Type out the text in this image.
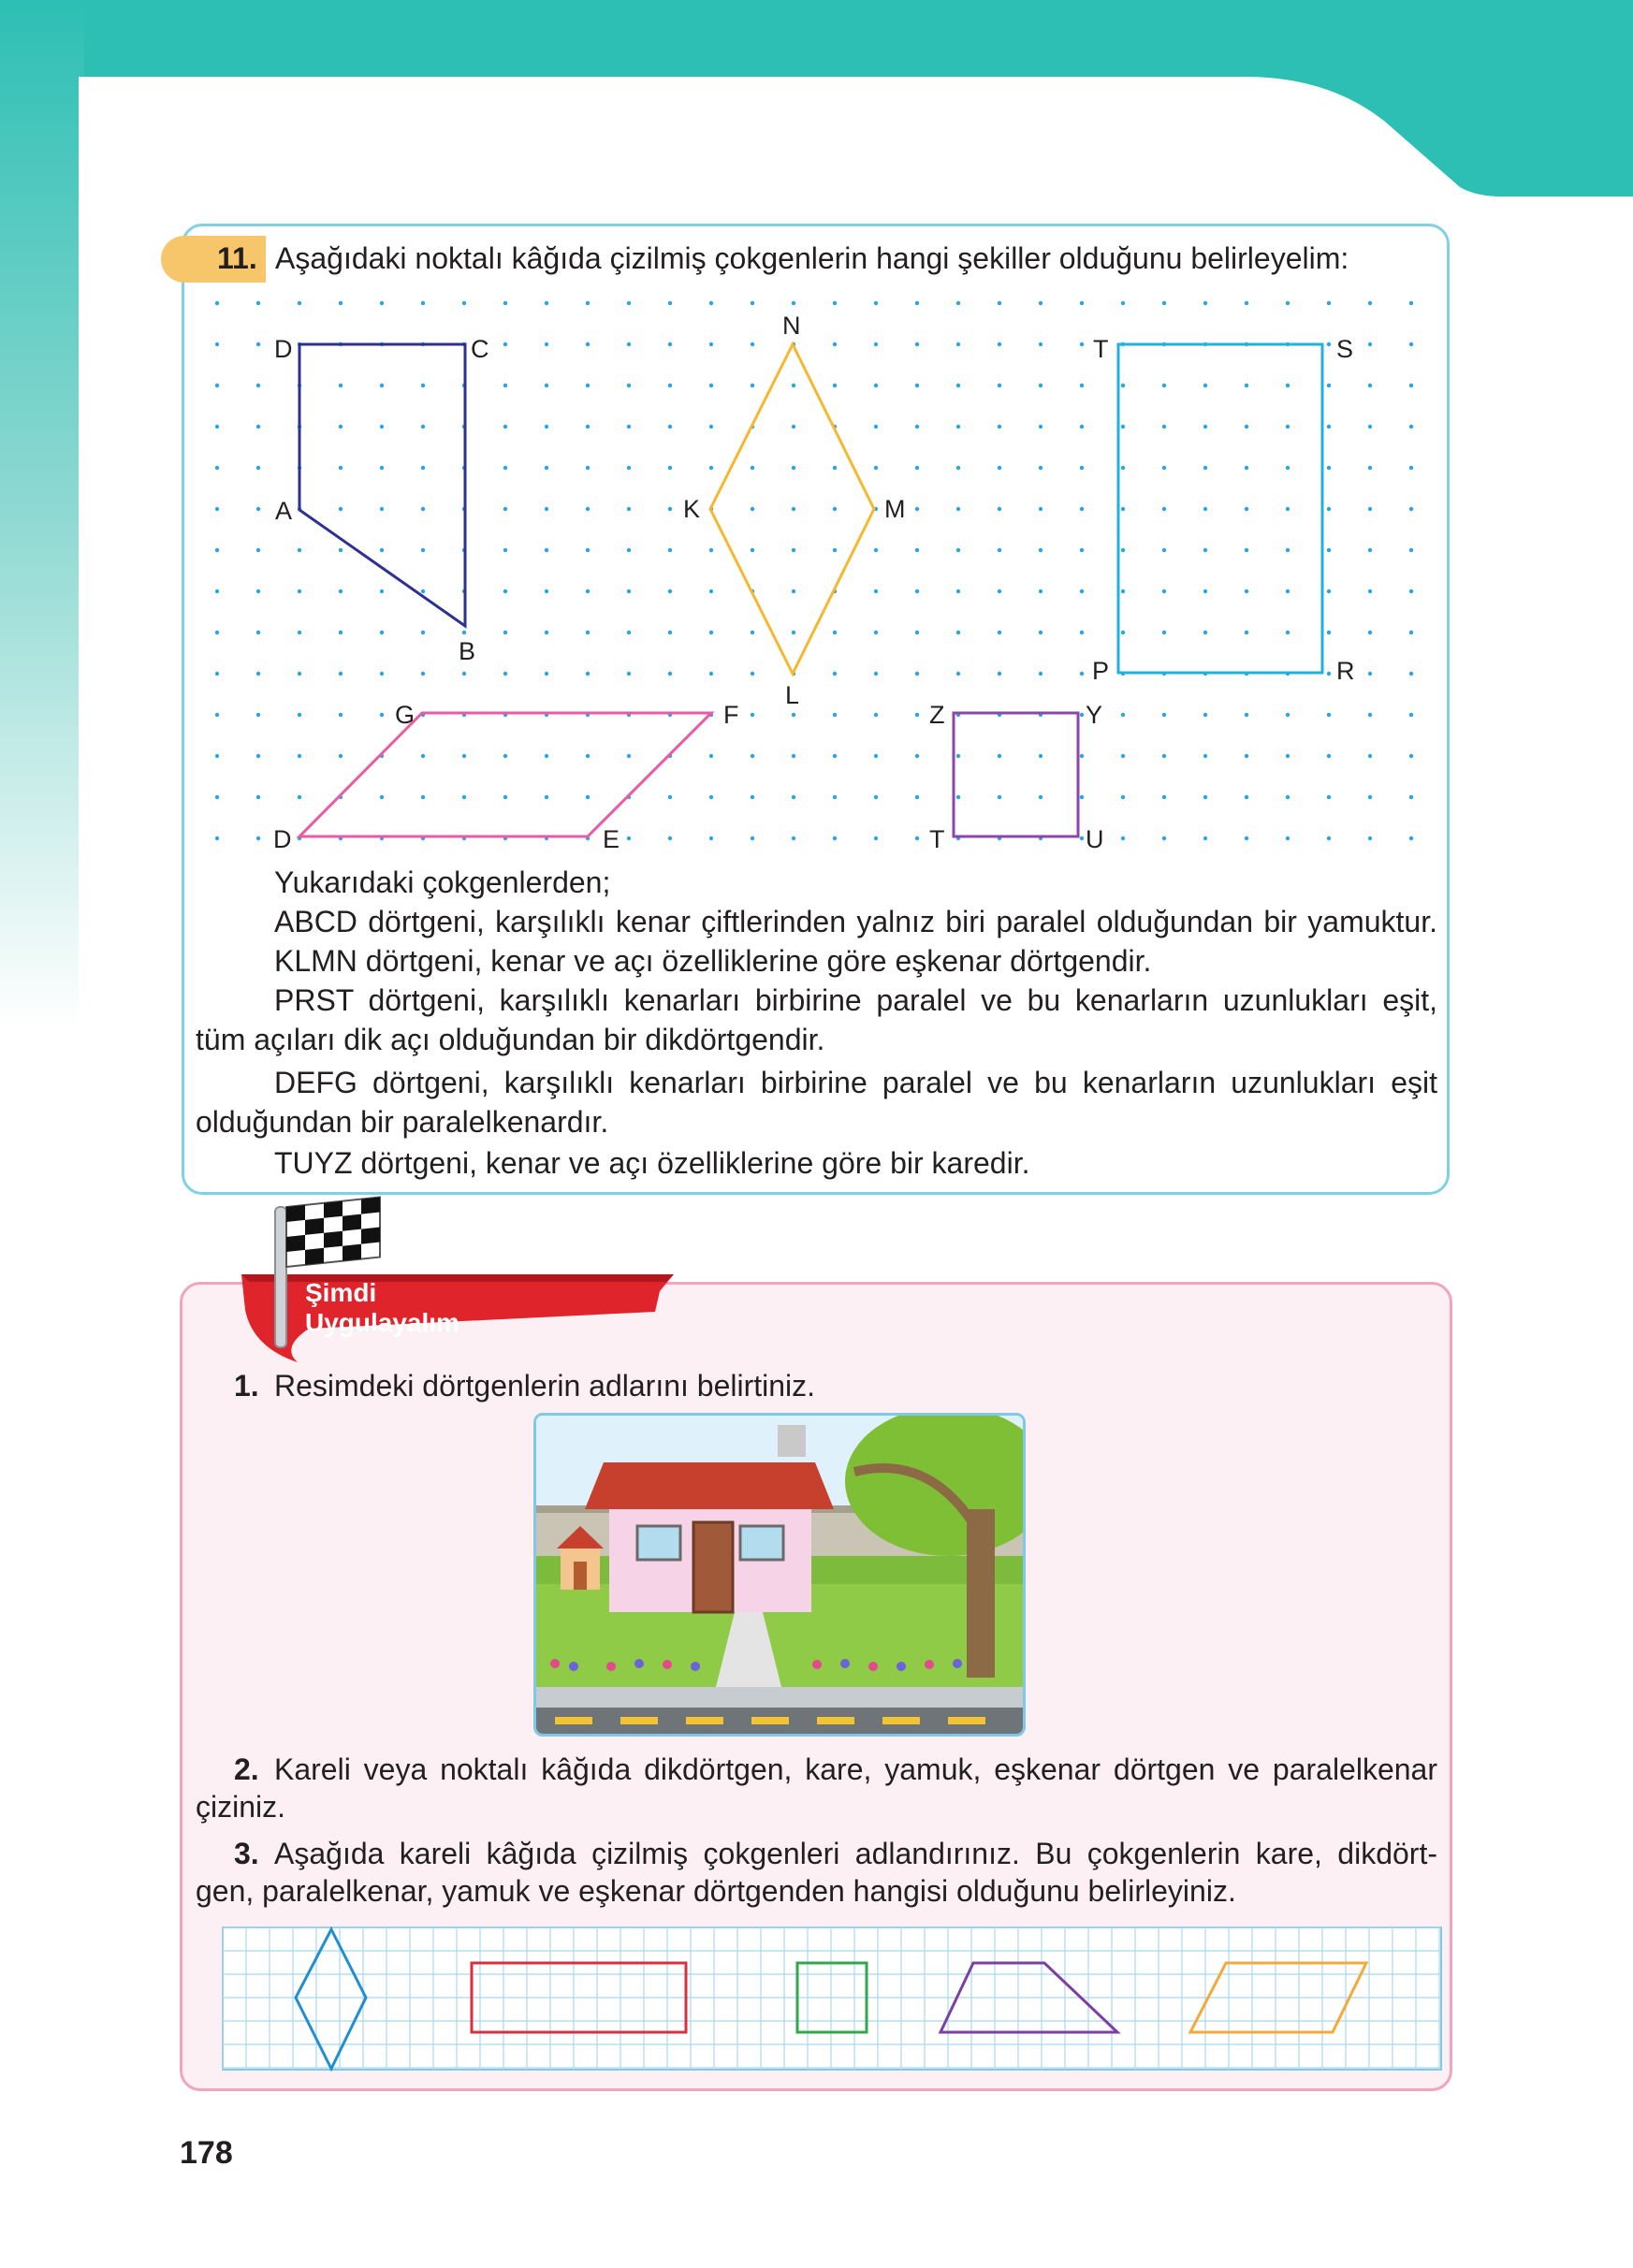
11. Aşağıdaki noktalı kâğıda çizilmiş çokgenlerin hangi şekiller olduğunu belirleyelim:
D	C
A
B
N
K	M
L
T	S
P	R
G	F
D	E
Z	Y
T	U
Yukarıdaki çokgenlerden;
ABCD dörtgeni, karşılıklı kenar çiftlerinden yalnız biri paralel olduğundan bir yamuktur.
KLMN dörtgeni, kenar ve açı özelliklerine göre eşkenar dörtgendir.
PRST dörtgeni, karşılıklı kenarları birbirine paralel ve bu kenarların uzunlukları eşit,
tüm açıları dik açı olduğundan bir dikdörtgendir.
DEFG dörtgeni, karşılıklı kenarları birbirine paralel ve bu kenarların uzunlukları eşit
olduğundan bir paralelkenardır.
TUYZ dörtgeni, kenar ve açı özelliklerine göre bir karedir.
Şimdi
Uygulayalım
1. Resimdeki dörtgenlerin adlarını belirtiniz.
2. Kareli veya noktalı kâğıda dikdörtgen, kare, yamuk, eşkenar dörtgen ve paralelkenar
çiziniz.
3. Aşağıda kareli kâğıda çizilmiş çokgenleri adlandırınız. Bu çokgenlerin kare, dikdört-
gen, paralelkenar, yamuk ve eşkenar dörtgenden hangisi olduğunu belirleyiniz.
178
